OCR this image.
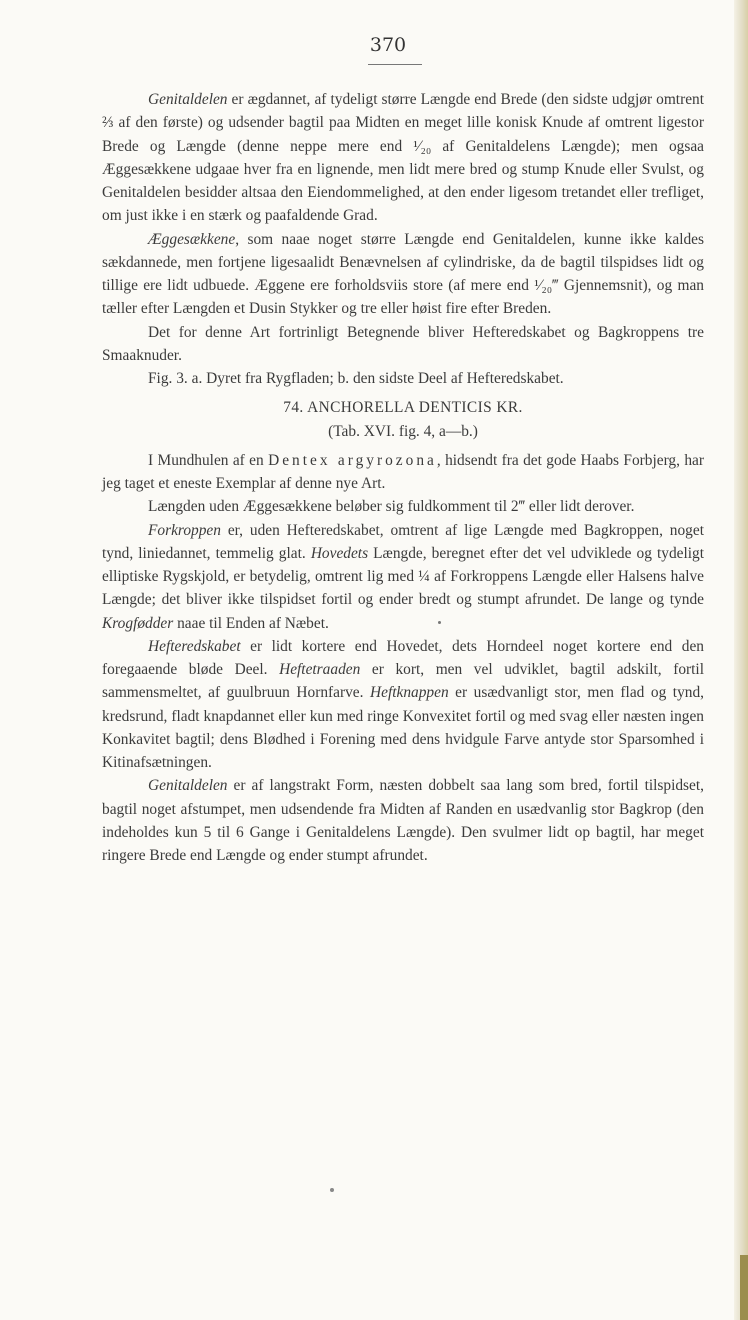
370

Genitaldelen er ægdannet, af tydeligt større Længde end Brede (den sidste udgjør omtrent ⅔ af den første) og udsender bagtil paa Midten en meget lille konisk Knude af omtrent ligestor Brede og Længde (denne neppe mere end ¹⁄₂₀ af Genitaldelens Længde); men ogsaa Æggesækkene udgaae hver fra en lignende, men lidt mere bred og stump Knude eller Svulst, og Genitaldelen besidder altsaa den Eiendommelighed, at den ender ligesom tretandet eller trefliget, om just ikke i en stærk og paafaldende Grad.

Æggesækkene, som naae noget større Længde end Genitaldelen, kunne ikke kaldes sækdannede, men fortjene ligesaalidt Benævnelsen af cylindriske, da de bagtil tilspidses lidt og tillige ere lidt udbuede. Æggene ere forholdsviis store (af mere end ¹⁄₂₀‴ Gjennemsnit), og man tæller efter Længden et Dusin Stykker og tre eller høist fire efter Breden.

Det for denne Art fortrinligt Betegnende bliver Hefteredskabet og Bagkroppens tre Smaaknuder.

Fig. 3. a. Dyret fra Rygfladen; b. den sidste Deel af Hefteredskabet.

74. ANCHORELLA DENTICIS KR.

(Tab. XVI. fig. 4, a—b.)

I Mundhulen af en Dentex argyrozona, hidsendt fra det gode Haabs Forbjerg, har jeg taget et eneste Exemplar af denne nye Art.

Længden uden Æggesækkene beløber sig fuldkomment til 2‴ eller lidt derover.

Forkroppen er, uden Hefteredskabet, omtrent af lige Længde med Bagkroppen, noget tynd, liniedannet, temmelig glat. Hovedets Længde, beregnet efter det vel udviklede og tydeligt elliptiske Rygskjold, er betydelig, omtrent lig med ¼ af Forkroppens Længde eller Halsens halve Længde; det bliver ikke tilspidset fortil og ender bredt og stumpt afrundet. De lange og tynde Krogfødder naae til Enden af Næbet.

Hefteredskabet er lidt kortere end Hovedet, dets Horndeel noget kortere end den foregaaende bløde Deel. Heftetraaden er kort, men vel udviklet, bagtil adskilt, fortil sammensmeltet, af guulbruun Hornfarve. Heftknappen er usædvanligt stor, men flad og tynd, kredsrund, fladt knapdannet eller kun med ringe Konvexitet fortil og med svag eller næsten ingen Konkavitet bagtil; dens Blødhed i Forening med dens hvidgule Farve antyde stor Sparsomhed i Kitinafsætningen.

Genitaldelen er af langstrakt Form, næsten dobbelt saa lang som bred, fortil tilspidset, bagtil noget afstumpet, men udsendende fra Midten af Randen en usædvanlig stor Bagkrop (den indeholdes kun 5 til 6 Gange i Genitaldelens Længde). Den svulmer lidt op bagtil, har meget ringere Brede end Længde og ender stumpt afrundet.
